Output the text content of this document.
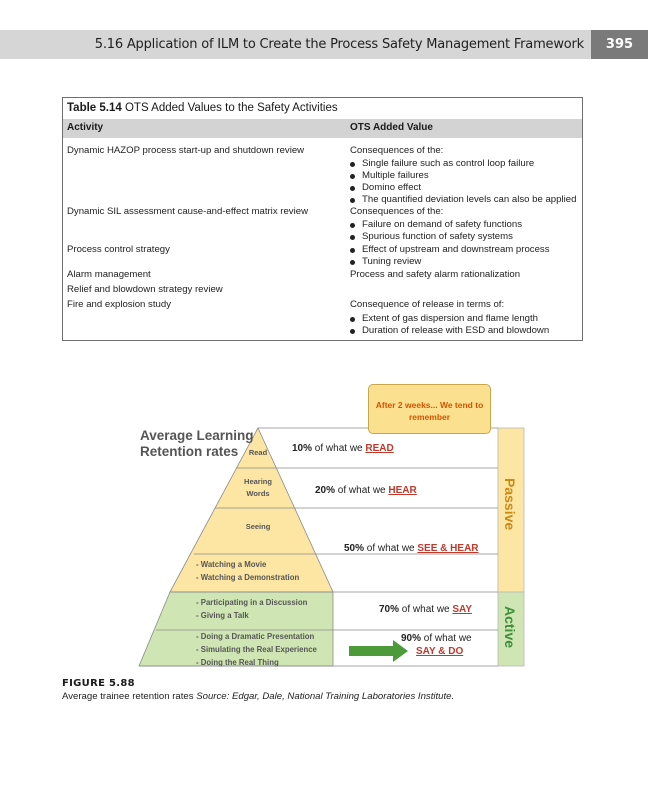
5.16 Application of ILM to Create the Process Safety Management Framework	395
Table 5.14 OTS Added Values to the Safety Activities
Activity	OTS Added Value
Dynamic HAZOP process start-up and shutdown review	Consequences of the:
Single failure such as control loop failure
Multiple failures
Domino effect
The quantified deviation levels can also be applied
Dynamic SIL assessment cause-and-effect matrix review	Consequences of the:
Failure on demand of safety functions
Spurious function of safety systems
Process control strategy	Effect of upstream and downstream process
Tuning review
Alarm management	Process and safety alarm rationalization
Relief and blowdown strategy review
Fire and explosion study	Consequence of release in terms of:
Extent of gas dispersion and flame length
Duration of release with ESD and blowdown
After 2 weeks... We tend to remember
Average Learning
Retention rates	Read
Hearing
Words
Seeing
- Watching a Movie
- Watching a Demonstration
- Participating in a Discussion
- Giving a Talk
- Doing a Dramatic Presentation
- Simulating the Real Experience
- Doing the Real Thing
10% of what we READ
20% of what we HEAR
50% of what we SEE & HEAR
70% of what we SAY
90% of what we
SAY & DO
Passive
Active
FIGURE 5.88
Average trainee retention rates Source: Edgar, Dale, National Training Laboratories Institute.
